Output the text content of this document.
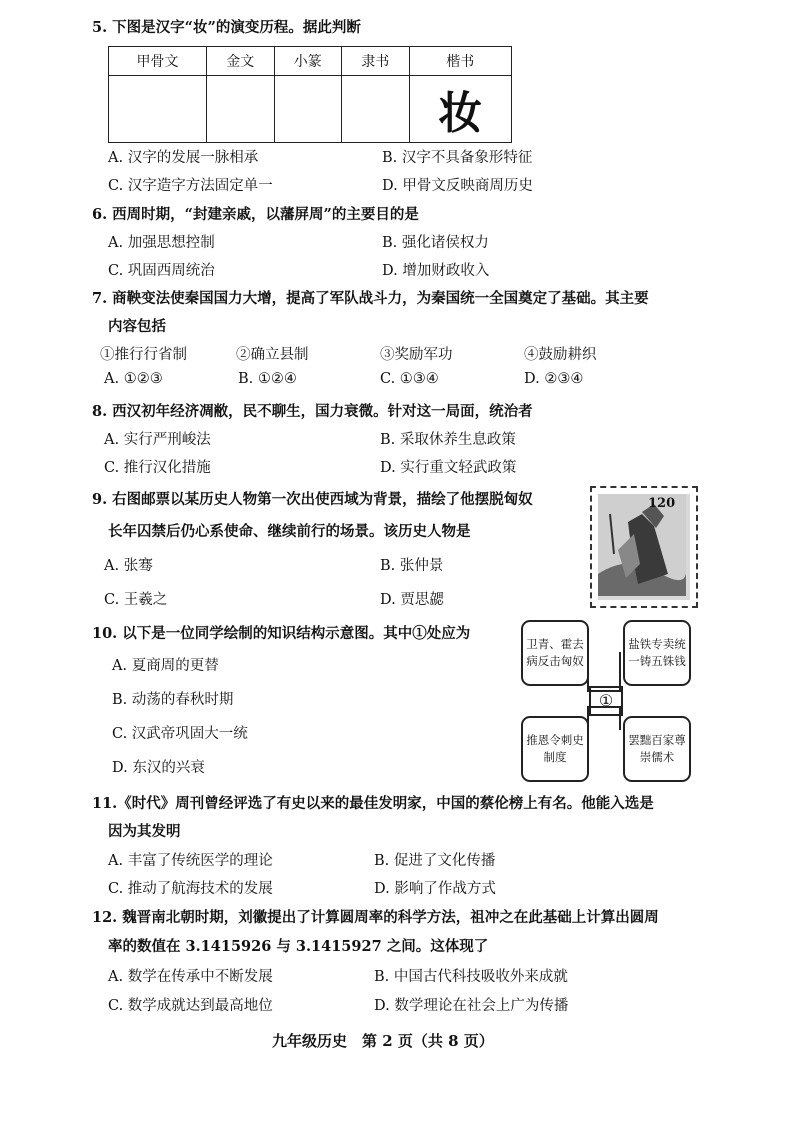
5. 下图是汉字“妆”的演变历程。据此判断
甲骨文	金文	小篆	隶书	楷书
				妆
A. 汉字的发展一脉相承	B. 汉字不具备象形特征
C. 汉字造字方法固定单一	D. 甲骨文反映商周历史
6. 西周时期，“封建亲戚，以藩屏周”的主要目的是
A. 加强思想控制	B. 强化诸侯权力
C. 巩固西周统治	D. 增加财政收入
7. 商鞅变法使秦国国力大增，提高了军队战斗力，为秦国统一全国奠定了基础。其主要
内容包括
①推行行省制	②确立县制	③奖励军功	④鼓励耕织
A. ①②③	B. ①②④	C. ①③④	D. ②③④
8. 西汉初年经济凋敝，民不聊生，国力衰微。针对这一局面，统治者
A. 实行严刑峻法	B. 采取休养生息政策
C. 推行汉化措施	D. 实行重文轻武政策
9. 右图邮票以某历史人物第一次出使西域为背景，描绘了他摆脱匈奴
长年囚禁后仍心系使命、继续前行的场景。该历史人物是
A. 张骞	B. 张仲景
C. 王羲之	D. 贾思勰
120
10. 以下是一位同学绘制的知识结构示意图。其中①处应为
A. 夏商周的更替
B. 动荡的春秋时期
C. 汉武帝巩固大一统
D. 东汉的兴衰
卫青、霍去病反击匈奴
盐铁专卖统一铸五铢钱
推恩令刺史制度
罢黜百家尊崇儒术
①
11.《时代》周刊曾经评选了有史以来的最佳发明家，中国的蔡伦榜上有名。他能入选是
因为其发明
A. 丰富了传统医学的理论	B. 促进了文化传播
C. 推动了航海技术的发展	D. 影响了作战方式
12. 魏晋南北朝时期，刘徽提出了计算圆周率的科学方法，祖冲之在此基础上计算出圆周
率的数值在 3.1415926 与 3.1415927 之间。这体现了
A. 数学在传承中不断发展	B. 中国古代科技吸收外来成就
C. 数学成就达到最高地位	D. 数学理论在社会上广为传播
九年级历史　第 2 页（共 8 页）
